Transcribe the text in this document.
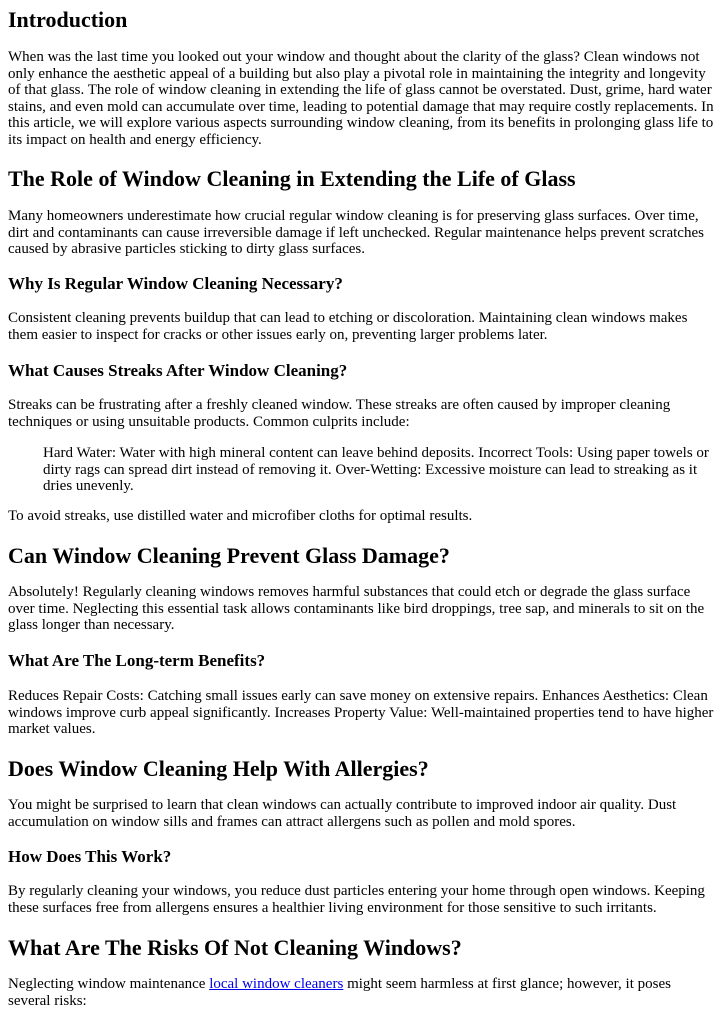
Introduction

When was the last time you looked out your window and thought about the clarity of the glass? Clean windows not only enhance the aesthetic appeal of a building but also play a pivotal role in maintaining the integrity and longevity of that glass. The role of window cleaning in extending the life of glass cannot be overstated. Dust, grime, hard water stains, and even mold can accumulate over time, leading to potential damage that may require costly replacements. In this article, we will explore various aspects surrounding window cleaning, from its benefits in prolonging glass life to its impact on health and energy efficiency.

The Role of Window Cleaning in Extending the Life of Glass

Many homeowners underestimate how crucial regular window cleaning is for preserving glass surfaces. Over time, dirt and contaminants can cause irreversible damage if left unchecked. Regular maintenance helps prevent scratches caused by abrasive particles sticking to dirty glass surfaces.

Why Is Regular Window Cleaning Necessary?

Consistent cleaning prevents buildup that can lead to etching or discoloration. Maintaining clean windows makes them easier to inspect for cracks or other issues early on, preventing larger problems later.

What Causes Streaks After Window Cleaning?

Streaks can be frustrating after a freshly cleaned window. These streaks are often caused by improper cleaning techniques or using unsuitable products. Common culprits include:

Hard Water: Water with high mineral content can leave behind deposits. Incorrect Tools: Using paper towels or dirty rags can spread dirt instead of removing it. Over-Wetting: Excessive moisture can lead to streaking as it dries unevenly.

To avoid streaks, use distilled water and microfiber cloths for optimal results.

Can Window Cleaning Prevent Glass Damage?

Absolutely! Regularly cleaning windows removes harmful substances that could etch or degrade the glass surface over time. Neglecting this essential task allows contaminants like bird droppings, tree sap, and minerals to sit on the glass longer than necessary.

What Are The Long-term Benefits?

Reduces Repair Costs: Catching small issues early can save money on extensive repairs. Enhances Aesthetics: Clean windows improve curb appeal significantly. Increases Property Value: Well-maintained properties tend to have higher market values.

Does Window Cleaning Help With Allergies?

You might be surprised to learn that clean windows can actually contribute to improved indoor air quality. Dust accumulation on window sills and frames can attract allergens such as pollen and mold spores.

How Does This Work?

By regularly cleaning your windows, you reduce dust particles entering your home through open windows. Keeping these surfaces free from allergens ensures a healthier living environment for those sensitive to such irritants.

What Are The Risks Of Not Cleaning Windows?

Neglecting window maintenance local window cleaners might seem harmless at first glance; however, it poses several risks:
